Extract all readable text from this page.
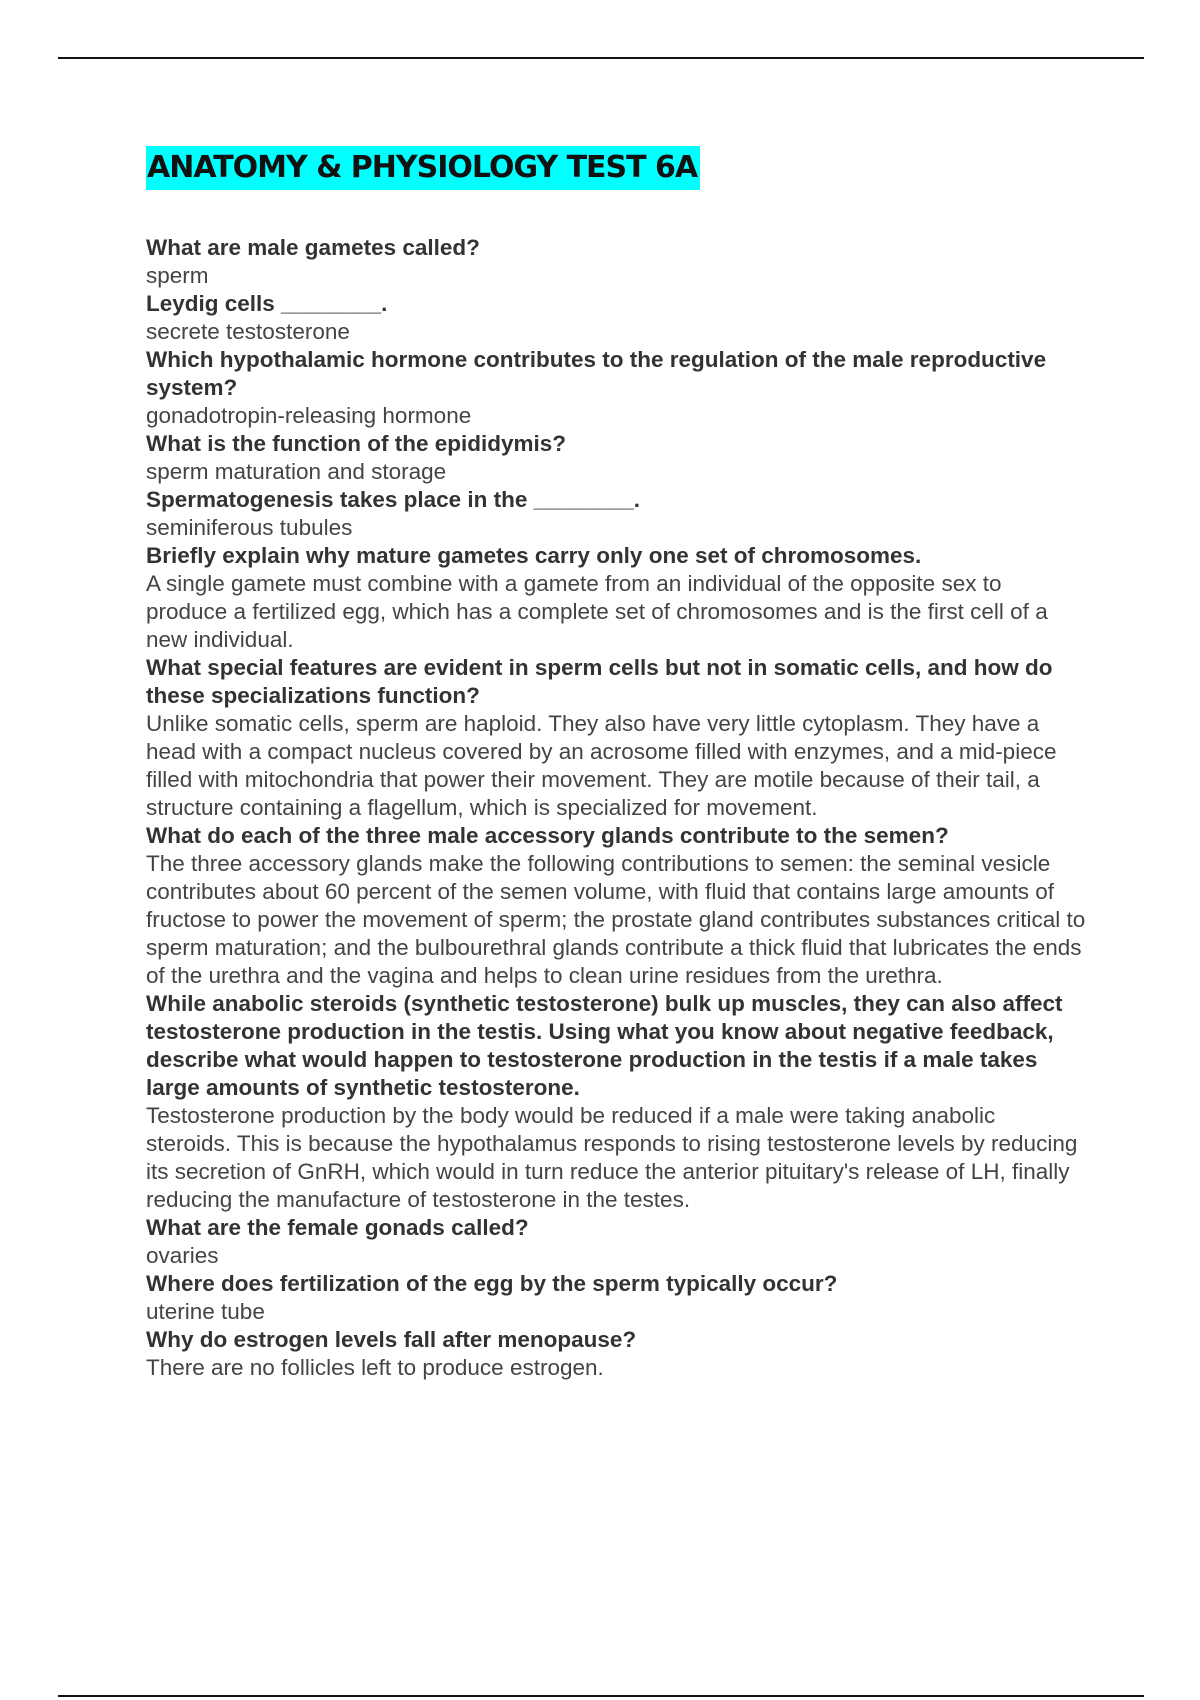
ANATOMY & PHYSIOLOGY TEST 6A

What are male gametes called?

sperm

Leydig cells ________.

secrete testosterone

Which hypothalamic hormone contributes to the regulation of the male reproductive system?

gonadotropin-releasing hormone

What is the function of the epididymis?

sperm maturation and storage

Spermatogenesis takes place in the ________.

seminiferous tubules

Briefly explain why mature gametes carry only one set of chromosomes.

A single gamete must combine with a gamete from an individual of the opposite sex to produce a fertilized egg, which has a complete set of chromosomes and is the first cell of a new individual.

What special features are evident in sperm cells but not in somatic cells, and how do these specializations function?

Unlike somatic cells, sperm are haploid. They also have very little cytoplasm. They have a head with a compact nucleus covered by an acrosome filled with enzymes, and a mid-piece filled with mitochondria that power their movement. They are motile because of their tail, a structure containing a flagellum, which is specialized for movement.

What do each of the three male accessory glands contribute to the semen?

The three accessory glands make the following contributions to semen: the seminal vesicle contributes about 60 percent of the semen volume, with fluid that contains large amounts of fructose to power the movement of sperm; the prostate gland contributes substances critical to sperm maturation; and the bulbourethral glands contribute a thick fluid that lubricates the ends of the urethra and the vagina and helps to clean urine residues from the urethra.

While anabolic steroids (synthetic testosterone) bulk up muscles, they can also affect testosterone production in the testis. Using what you know about negative feedback, describe what would happen to testosterone production in the testis if a male takes large amounts of synthetic testosterone.

Testosterone production by the body would be reduced if a male were taking anabolic steroids. This is because the hypothalamus responds to rising testosterone levels by reducing its secretion of GnRH, which would in turn reduce the anterior pituitary's release of LH, finally reducing the manufacture of testosterone in the testes.

What are the female gonads called?

ovaries

Where does fertilization of the egg by the sperm typically occur?

uterine tube

Why do estrogen levels fall after menopause?

There are no follicles left to produce estrogen.
